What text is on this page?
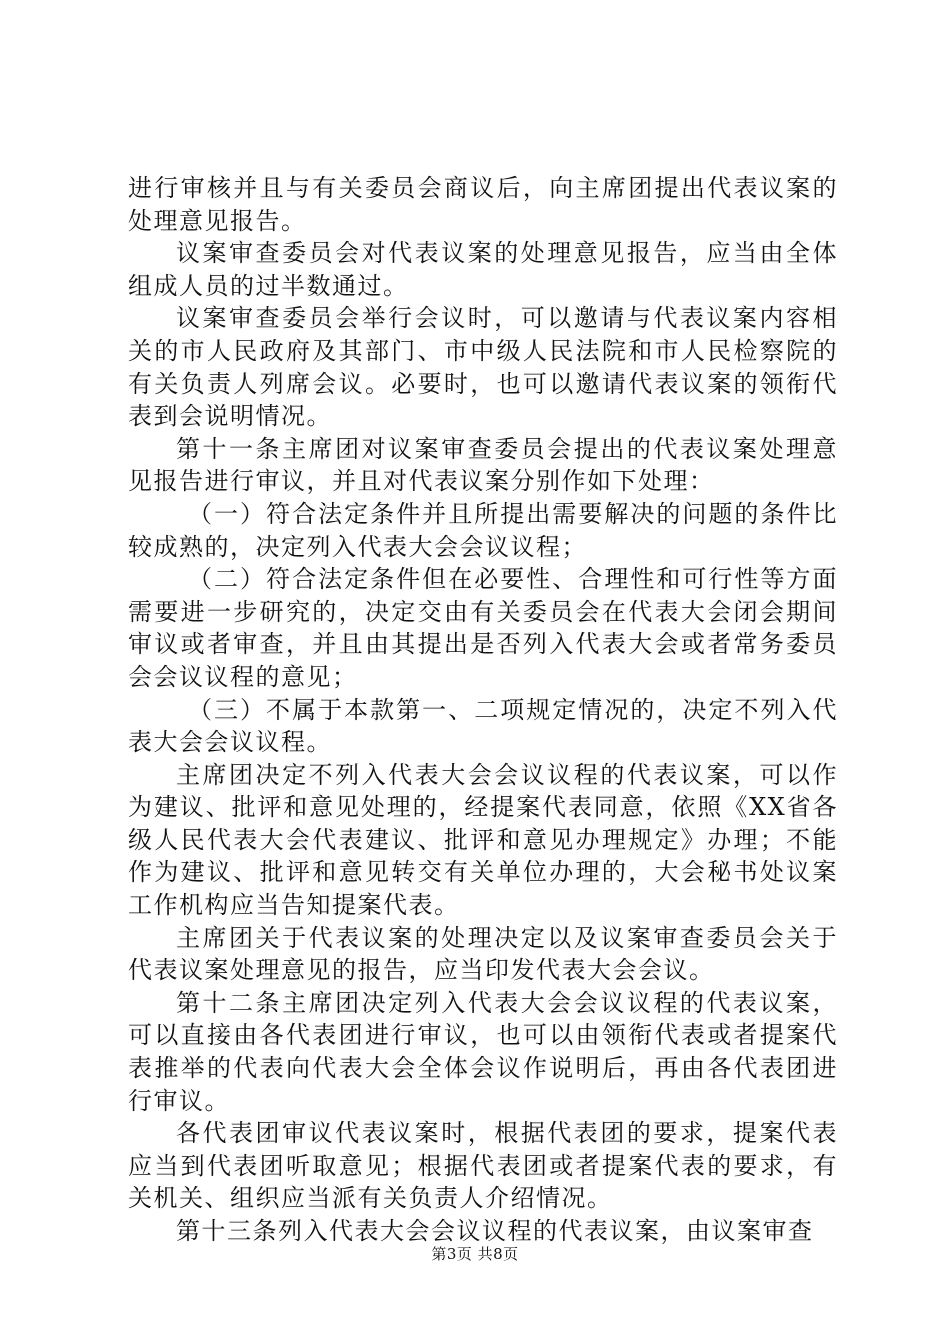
进行审核并且与有关委员会商议后，向主席团提出代表议案的处理意见报告。

议案审查委员会对代表议案的处理意见报告，应当由全体组成人员的过半数通过。

议案审查委员会举行会议时，可以邀请与代表议案内容相关的市人民政府及其部门、市中级人民法院和市人民检察院的有关负责人列席会议。必要时，也可以邀请代表议案的领衔代表到会说明情况。

第十一条主席团对议案审查委员会提出的代表议案处理意见报告进行审议，并且对代表议案分别作如下处理：

（一）符合法定条件并且所提出需要解决的问题的条件比较成熟的，决定列入代表大会会议议程；

（二）符合法定条件但在必要性、合理性和可行性等方面需要进一步研究的，决定交由有关委员会在代表大会闭会期间审议或者审查，并且由其提出是否列入代表大会或者常务委员会会议议程的意见；

（三）不属于本款第一、二项规定情况的，决定不列入代表大会会议议程。

主席团决定不列入代表大会会议议程的代表议案，可以作为建议、批评和意见处理的，经提案代表同意，依照《XX省各级人民代表大会代表建议、批评和意见办理规定》办理；不能作为建议、批评和意见转交有关单位办理的，大会秘书处议案工作机构应当告知提案代表。

主席团关于代表议案的处理决定以及议案审查委员会关于代表议案处理意见的报告，应当印发代表大会会议。

第十二条主席团决定列入代表大会会议议程的代表议案，可以直接由各代表团进行审议，也可以由领衔代表或者提案代表推举的代表向代表大会全体会议作说明后，再由各代表团进行审议。

各代表团审议代表议案时，根据代表团的要求，提案代表应当到代表团听取意见；根据代表团或者提案代表的要求，有关机关、组织应当派有关负责人介绍情况。

第十三条列入代表大会会议议程的代表议案，由议案审查

第3页 共8页
